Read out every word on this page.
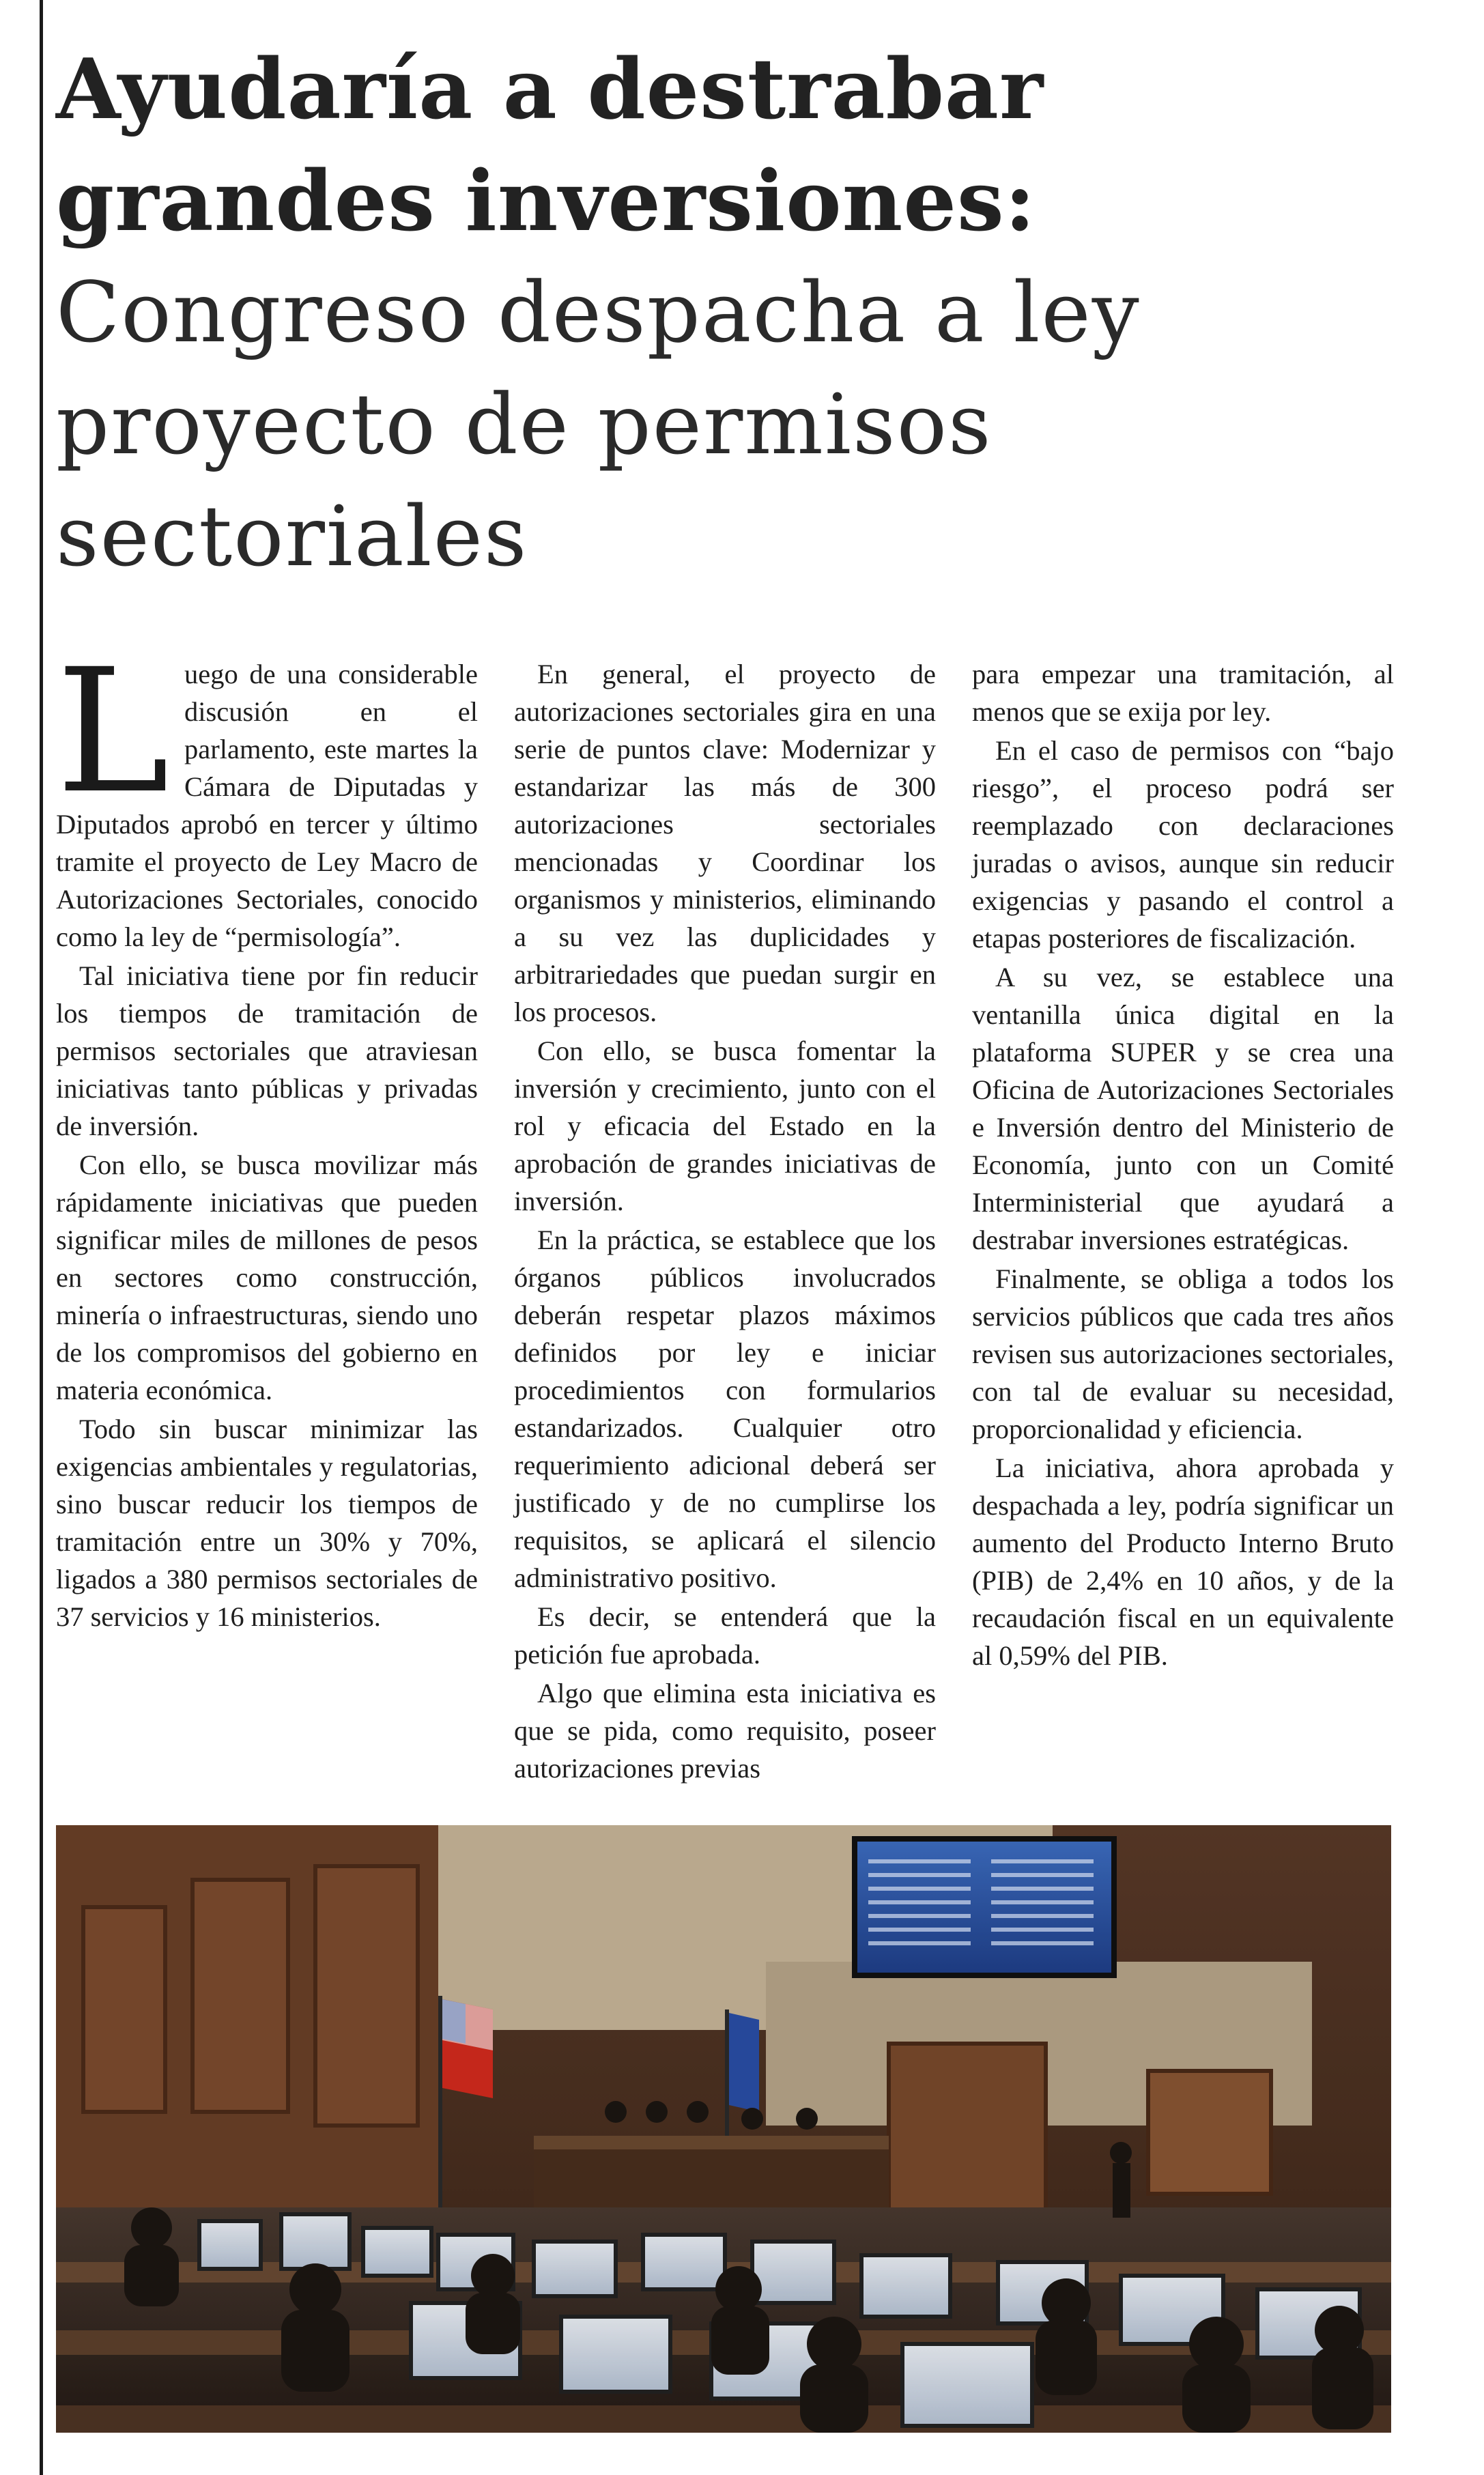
Ayudaría a destrabar grandes inversiones:
Congreso despacha a ley proyecto de permisos sectoriales

Luego de una considerable discusión en el parlamento, este martes la Cámara de Diputadas y Diputados aprobó en tercer y último tramite el proyecto de Ley Macro de Autorizaciones Sectoriales, conocido como la ley de “permisología”.

Tal iniciativa tiene por fin reducir los tiempos de tramitación de permisos sectoriales que atraviesan iniciativas tanto públicas y privadas de inversión.

Con ello, se busca movilizar más rápidamente iniciativas que pueden significar miles de millones de pesos en sectores como construcción, minería o infraestructuras, siendo uno de los compromisos del gobierno en materia económica.

Todo sin buscar minimizar las exigencias ambientales y regulatorias, sino buscar reducir los tiempos de tramitación entre un 30% y 70%, ligados a 380 permisos sectoriales de 37 servicios y 16 ministerios.

En general, el proyecto de autorizaciones sectoriales gira en una serie de puntos clave: Modernizar y estandarizar las más de 300 autorizaciones sectoriales mencionadas y Coordinar los organismos y ministerios, eliminando a su vez las duplicidades y arbitrariedades que puedan surgir en los procesos.

Con ello, se busca fomentar la inversión y crecimiento, junto con el rol y eficacia del Estado en la aprobación de grandes iniciativas de inversión.

En la práctica, se establece que los órganos públicos involucrados deberán respetar plazos máximos definidos por ley e iniciar procedimientos con formularios estandarizados. Cualquier otro requerimiento adicional deberá ser justificado y de no cumplirse los requisitos, se aplicará el silencio administrativo positivo.

Es decir, se entenderá que la petición fue aprobada.

Algo que elimina esta iniciativa es que se pida, como requisito, poseer autorizaciones previas

para empezar una tramitación, al menos que se exija por ley.

En el caso de permisos con “bajo riesgo”, el proceso podrá ser reemplazado con declaraciones juradas o avisos, aunque sin reducir exigencias y pasando el control a etapas posteriores de fiscalización.

A su vez, se establece una ventanilla única digital en la plataforma SUPER y se crea una Oficina de Autorizaciones Sectoriales e Inversión dentro del Ministerio de Economía, junto con un Comité Interministerial que ayudará a destrabar inversiones estratégicas.

Finalmente, se obliga a todos los servicios públicos que cada tres años revisen sus autorizaciones sectoriales, con tal de evaluar su necesidad, proporcionalidad y eficiencia.

La iniciativa, ahora aprobada y despachada a ley, podría significar un aumento del Producto Interno Bruto (PIB) de 2,4% en 10 años, y de la recaudación fiscal en un equivalente al 0,59% del PIB.
